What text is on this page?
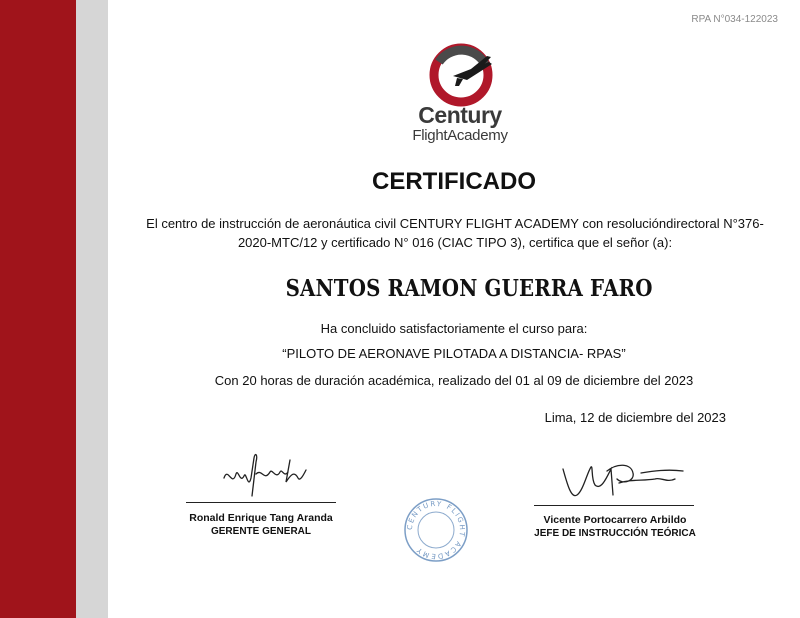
RPA N°034-122023
Century
FlightAcademy
CERTIFICADO
El centro de instrucción de aeronáutica civil CENTURY FLIGHT ACADEMY con resolucióndirectoral N°376-2020-MTC/12 y certificado N° 016 (CIAC TIPO 3), certifica que el señor (a):
SANTOS RAMON GUERRA FARO
Ha concluido satisfactoriamente el curso para:
“PILOTO DE AERONAVE PILOTADA A DISTANCIA- RPAS”
Con 20 horas de duración académica, realizado del 01 al 09 de diciembre del 2023
Lima, 12 de diciembre del 2023
Ronald Enrique Tang Aranda
GERENTE GENERAL
Vicente Portocarrero Arbildo
JEFE DE INSTRUCCIÓN TEÓRICA
CENTURY FLIGHT ACADEMY
